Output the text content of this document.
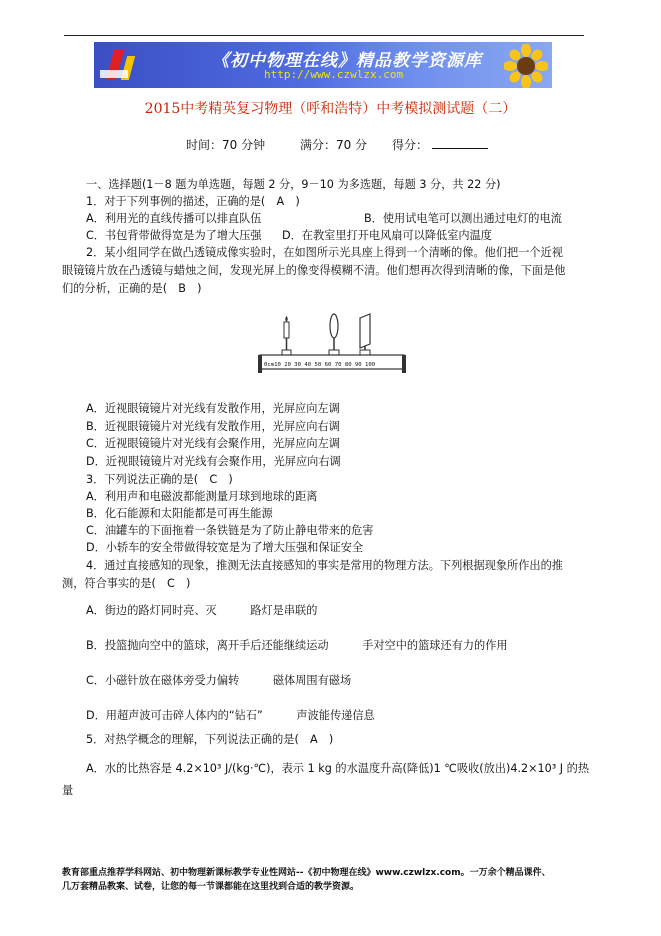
《初中物理在线》精品教学资源库
http://www.czwlzx.com
2015中考精英复习物理（呼和浩特）中考模拟测试题（二）
时间：70 分钟	满分：70 分 得分：
一、选择题(1－8 题为单选题，每题 2 分，9－10 为多选题，每题 3 分，共 22 分)
1．对于下列事例的描述，正确的是(　A　)
A．利用光的直线传播可以排直队伍	B．使用试电笔可以测出通过电灯的电流
C．书包背带做得宽是为了增大压强 D．在教室里打开电风扇可以降低室内温度
2．某小组同学在做凸透镜成像实验时，在如图所示光具座上得到一个清晰的像。他们把一个近视
眼镜镜片放在凸透镜与蜡烛之间，发现光屏上的像变得模糊不清。他们想再次得到清晰的像，下面是他
们的分析，正确的是(　B　)
0cm10 20 30 40 50 60 70 80 90 100
A．近视眼镜镜片对光线有发散作用，光屏应向左调
B．近视眼镜镜片对光线有发散作用，光屏应向右调
C．近视眼镜镜片对光线有会聚作用，光屏应向左调
D．近视眼镜镜片对光线有会聚作用，光屏应向右调
3．下列说法正确的是(　C　)
A．利用声和电磁波都能测量月球到地球的距离
B．化石能源和太阳能都是可再生能源
C．油罐车的下面拖着一条铁链是为了防止静电带来的危害
D．小轿车的安全带做得较宽是为了增大压强和保证安全
4．通过直接感知的现象，推测无法直接感知的事实是常用的物理方法。下列根据现象所作出的推
测，符合事实的是(　C　)
A．街边的路灯同时亮、灭　　　路灯是串联的
B．投篮抛向空中的篮球，离开手后还能继续运动　　　手对空中的篮球还有力的作用
C．小磁针放在磁体旁受力偏转　　　磁体周围有磁场
D．用超声波可击碎人体内的“钻石”　　　声波能传递信息
5．对热学概念的理解，下列说法正确的是(　A　)
A．水的比热容是 4.2×10³ J/(kg·℃)，表示 1 kg 的水温度升高(降低)1 ℃吸收(放出)4.2×10³ J 的热
量
教育部重点推荐学科网站、初中物理新课标教学专业性网站--《初中物理在线》www.czwlzx.com。一万余个精品课件、
几万套精品教案、试卷，让您的每一节课都能在这里找到合适的教学资源。
